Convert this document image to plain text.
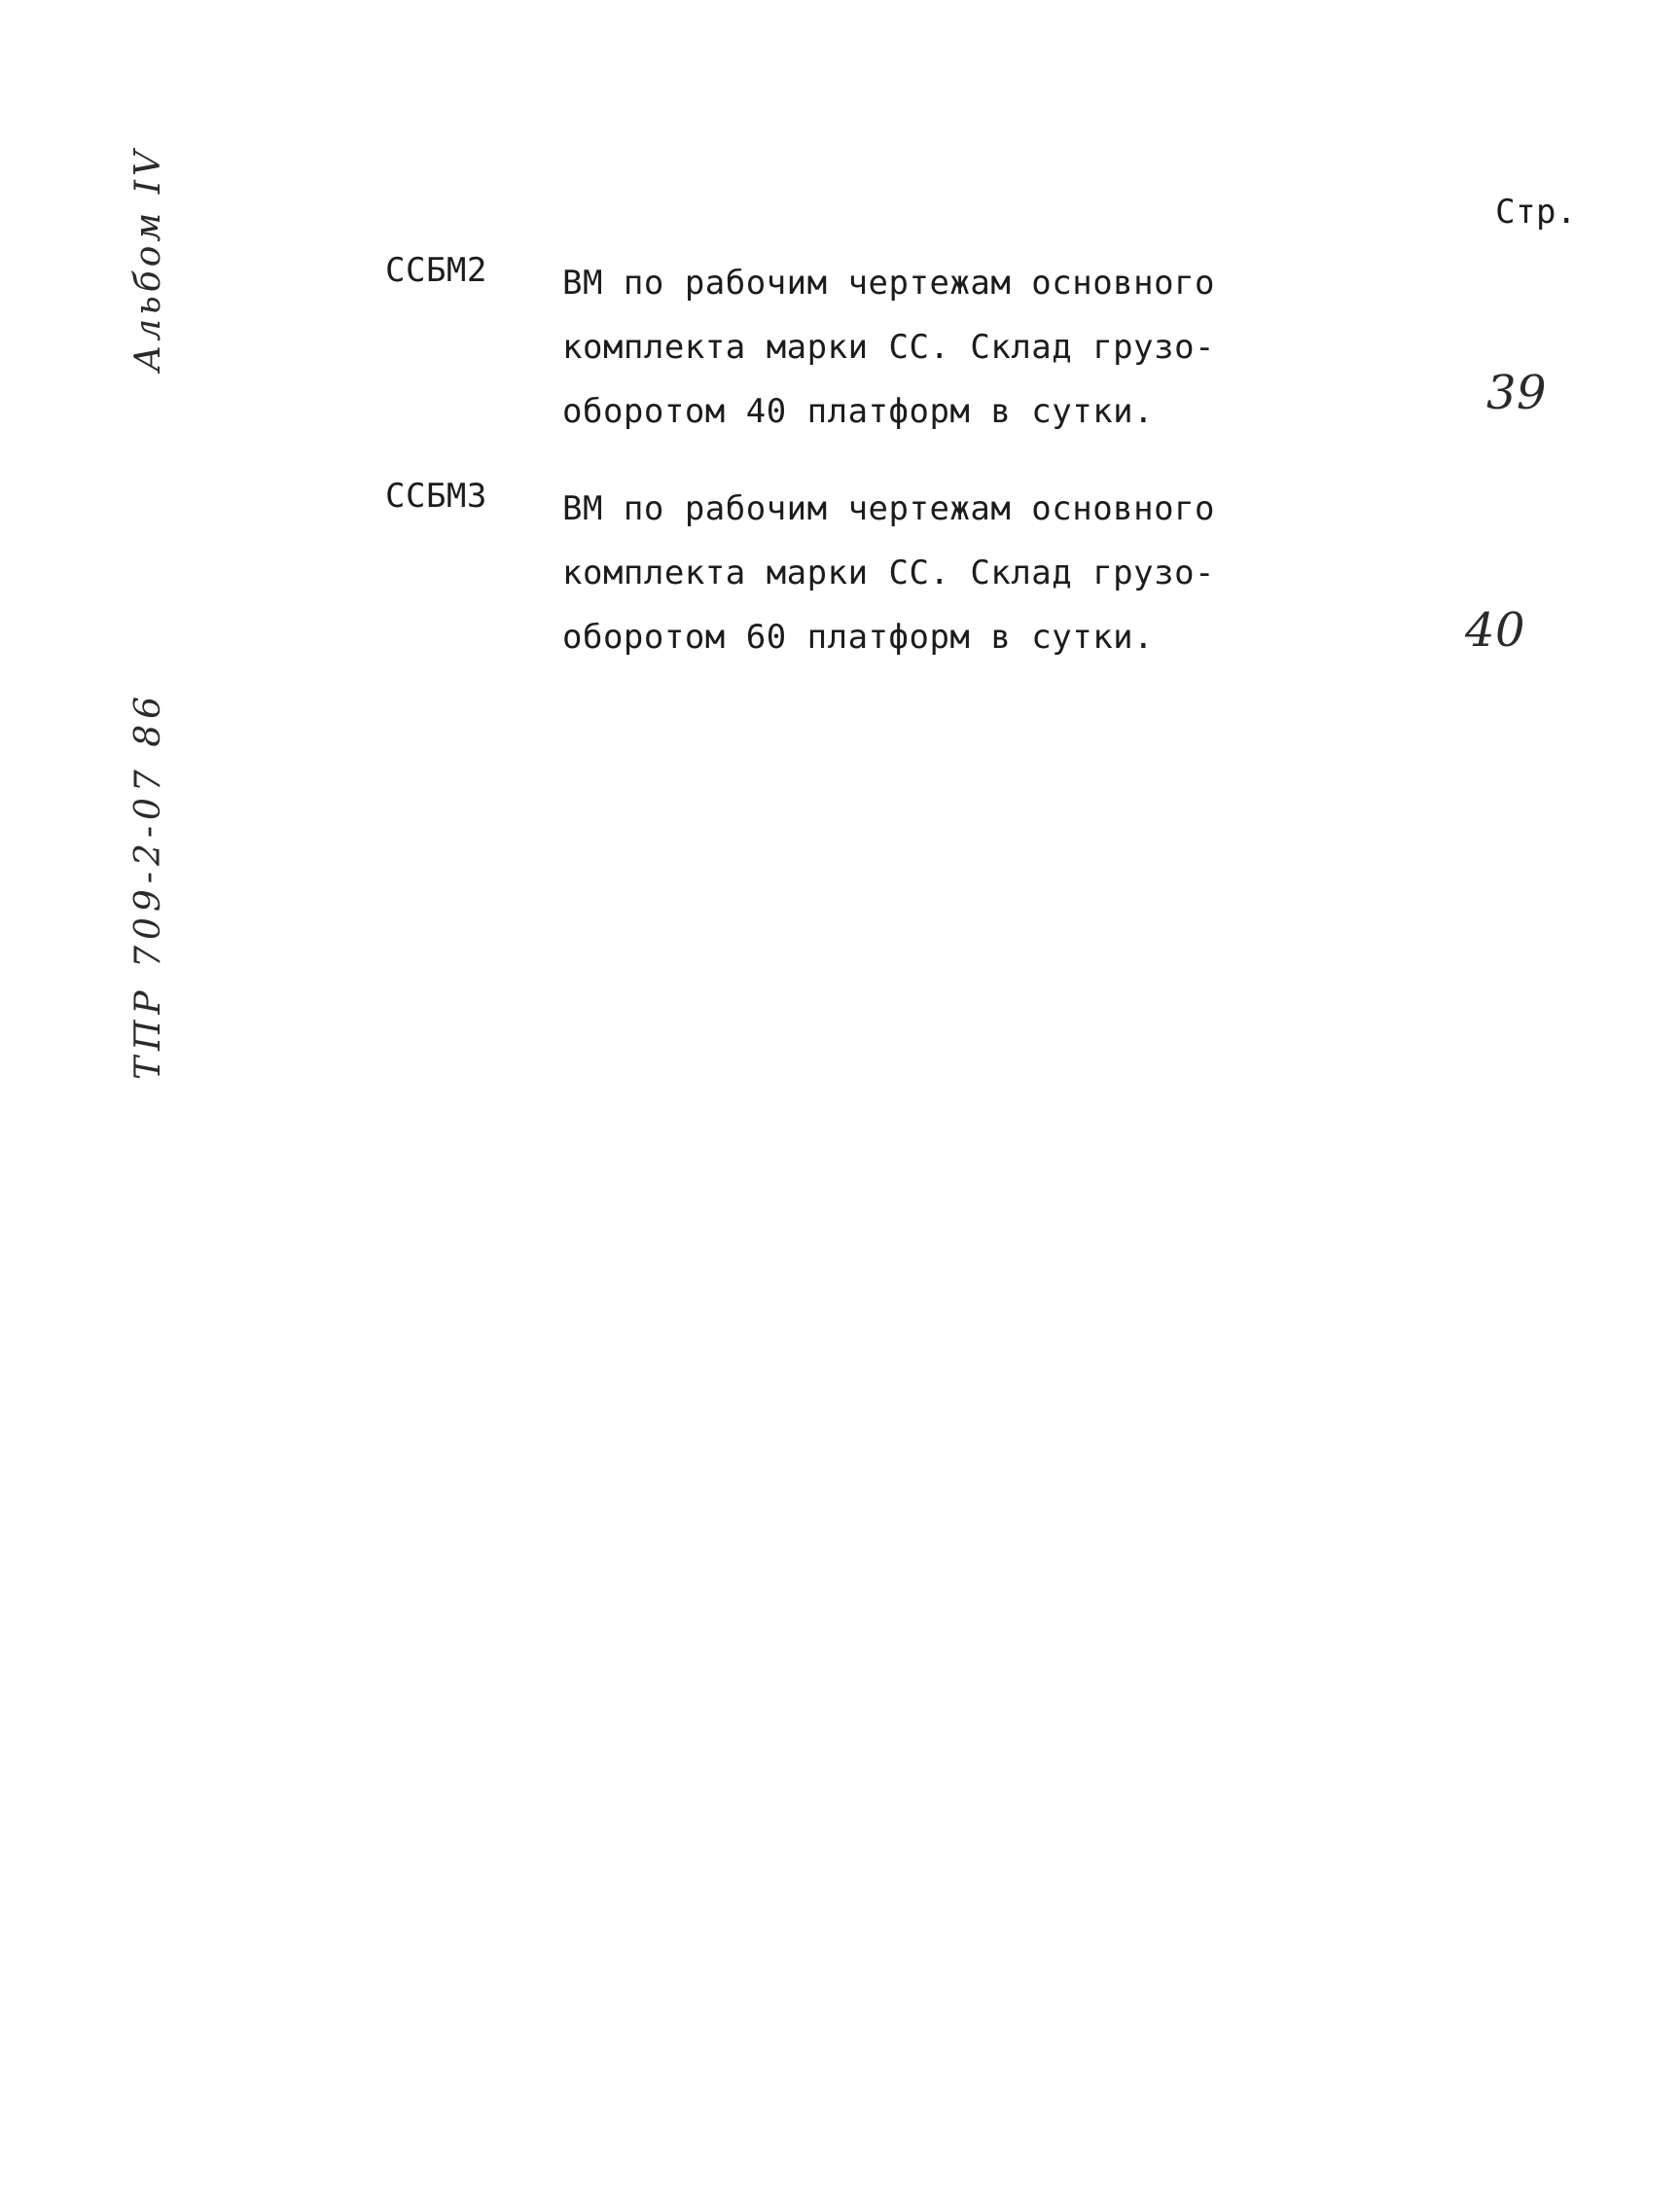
Альбом IV
ТПР 709-2-07 86
Стр.
ССБМ2 ВМ по рабочим чертежам основного
комплекта марки СС. Склад грузо-
оборотом 40 платформ в сутки.	39
ССБМЗ ВМ по рабочим чертежам основного
комплекта марки СС. Склад грузо-
оборотом 60 платформ в сутки.	40
